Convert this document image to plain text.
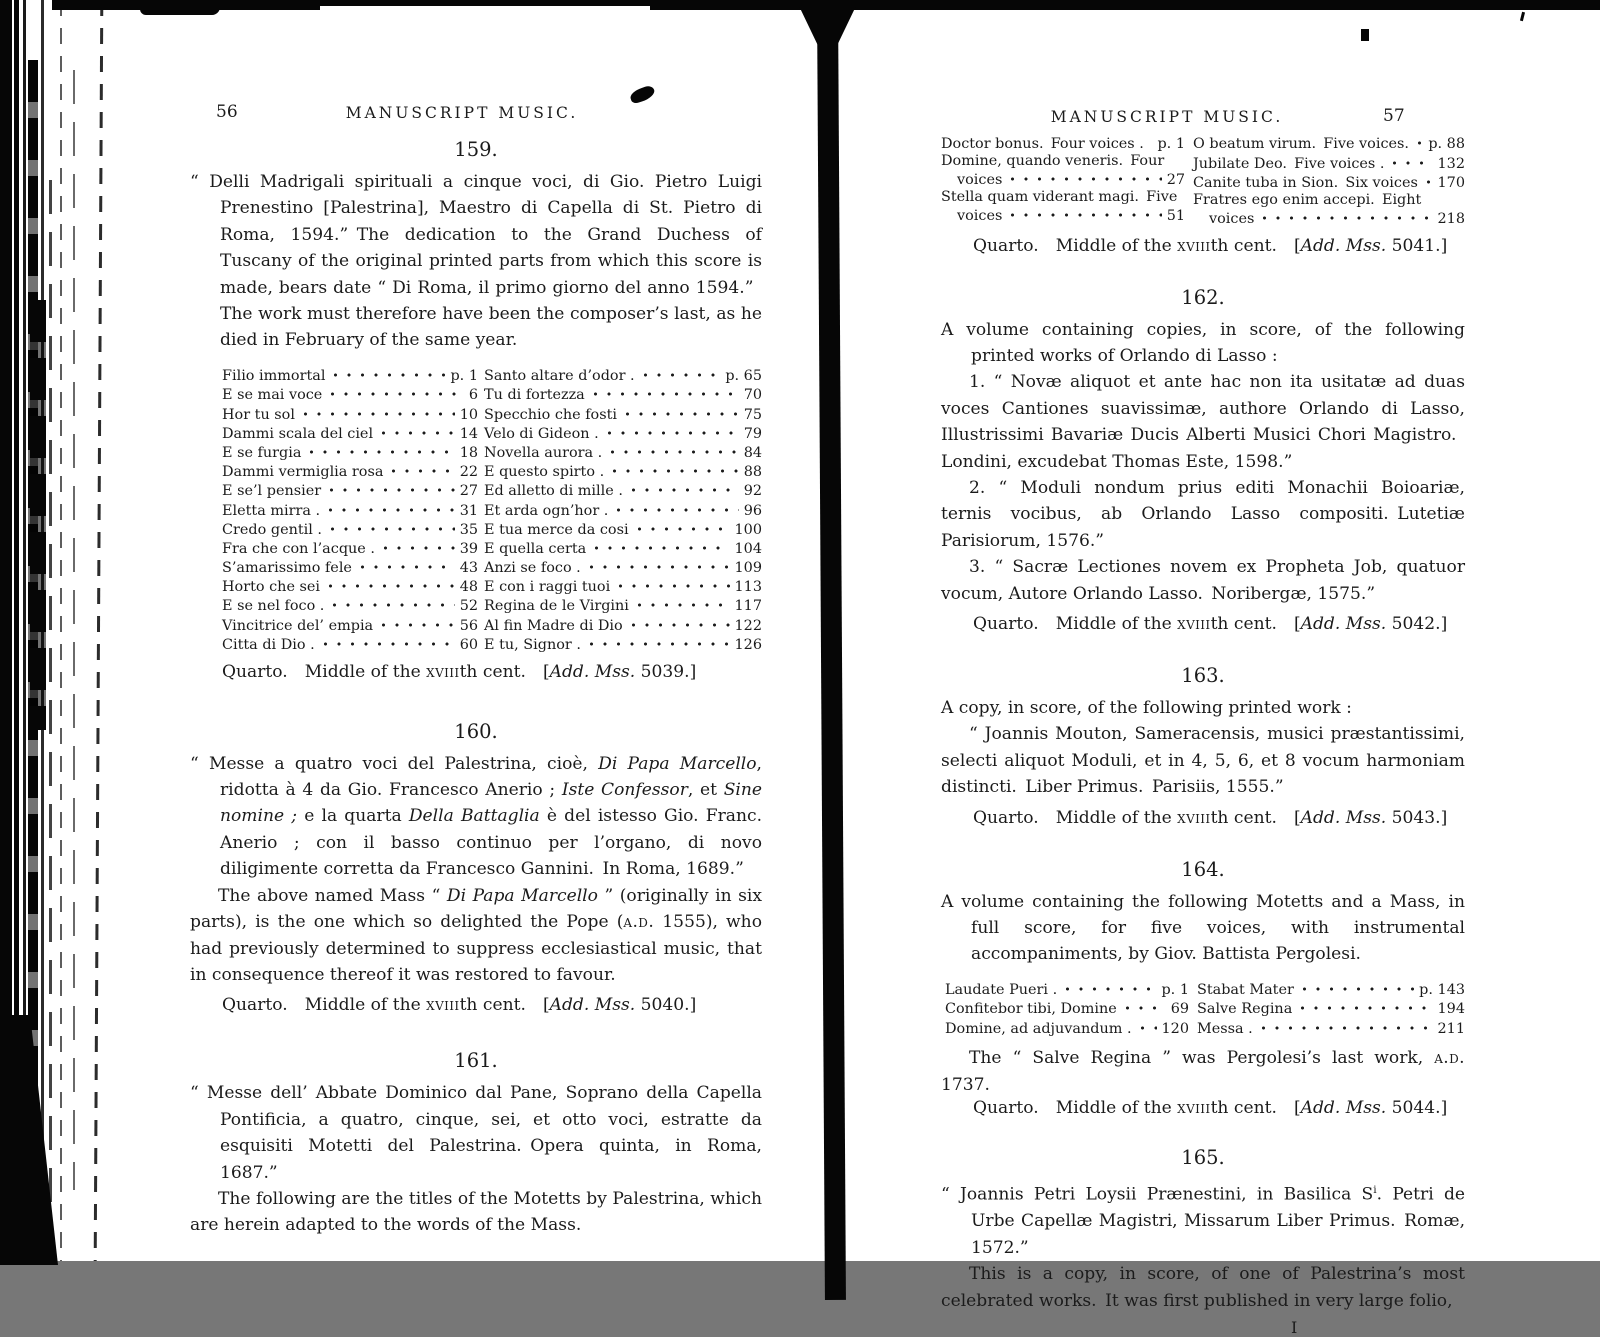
56	MANUSCRIPT MUSIC.
159.

“ Delli Madrigali spirituali a cinque voci, di Gio. Pietro Luigi Prenestino [Palestrina], Maestro di Capella di St. Pietro di Roma, 1594.” The dedication to the Grand Duchess of Tuscany of the original printed parts from which this score is made, bears date “ Di Roma, il primo giorno del anno 1594.” The work must therefore have been the composer’s last, as he died in February of the same year.

Filio immortal	p. 1
E se mai voce	6
Hor tu sol	10
Dammi scala del ciel	14
E se furgia	18
Dammi vermiglia rosa	22
E se’l pensier	27
Eletta mirra .	31
Credo gentil .	35
Fra che con l’acque .	39
S’amarissimo fele	43
Horto che sei	48
E se nel foco .	52
Vincitrice del’ empia	56
Citta di Dio .	60
Santo altare d’odor .	p. 65
Tu di fortezza	70
Specchio che fosti	75
Velo di Gideon .	79
Novella aurora .	84
E questo spirto .	88
Ed alletto di mille .	92
Et arda ogn’hor .	96
E tua merce da cosi	100
E quella certa	104
Anzi se foco .	109
E con i raggi tuoi	113
Regina de le Virgini	117
Al fin Madre di Dio	122
E tu, Signor .	126

Quarto. Middle of the xviiith cent. [Add. Mss. 5039.]

160.

“ Messe a quatro voci del Palestrina, cioè, Di Papa Marcello, ridotta à 4 da Gio. Francesco Anerio ; Iste Confessor, et Sine nomine ; e la quarta Della Battaglia è del istesso Gio. Franc. Anerio ; con il basso continuo per l’organo, di novo diligimente corretta da Francesco Gannini. In Roma, 1689.”

The above named Mass “ Di Papa Marcello ” (originally in six parts), is the one which so delighted the Pope (a.d. 1555), who had previously determined to suppress ecclesiastical music, that in consequence thereof it was restored to favour.

Quarto. Middle of the xviiith cent. [Add. Mss. 5040.]

161.

“ Messe dell’ Abbate Dominico dal Pane, Soprano della Capella Pontificia, a quatro, cinque, sei, et otto voci, estratte da esquisiti Motetti del Palestrina. Opera quinta, in Roma, 1687.”

The following are the titles of the Motetts by Palestrina, which are herein adapted to the words of the Mass.

MANUSCRIPT MUSIC.	57
Doctor bonus. Four voices . p. 1
Domine, quando veneris. Four
voices	27
Stella quam viderant magi. Five
voices	51
O beatum virum. Five voices. p. 88
Jubilate Deo. Five voices .	132
Canite tuba in Sion. Six voices 170
Fratres ego enim accepi. Eight
voices	218

Quarto. Middle of the xviiith cent. [Add. Mss. 5041.]

162.

A volume containing copies, in score, of the following printed works of Orlando di Lasso :

1. “ Novæ aliquot et ante hac non ita usitatæ ad duas voces Cantiones suavissimæ, authore Orlando di Lasso, Illustrissimi Bavariæ Ducis Alberti Musici Chori Magistro. Londini, excudebat Thomas Este, 1598.”

2. “ Moduli nondum prius editi Monachii Boioariæ, ternis vocibus, ab Orlando Lasso compositi. Lutetiæ Parisiorum, 1576.”

3. “ Sacræ Lectiones novem ex Propheta Job, quatuor vocum, Autore Orlando Lasso. Noribergæ, 1575.”

Quarto. Middle of the xviiith cent. [Add. Mss. 5042.]

163.

A copy, in score, of the following printed work :

“ Joannis Mouton, Sameracensis, musici præstantissimi, selecti aliquot Moduli, et in 4, 5, 6, et 8 vocum harmoniam distincti. Liber Primus. Parisiis, 1555.”

Quarto. Middle of the xviiith cent. [Add. Mss. 5043.]

164.

A volume containing the following Motetts and a Mass, in full score, for five voices, with instrumental accompaniments, by Giov. Battista Pergolesi.

Laudate Pueri .	p. 1
Confitebor tibi, Domine	69
Domine, ad adjuvandum . 120
Stabat Mater	p. 143
Salve Regina	194
Messa .	211

The “ Salve Regina ” was Pergolesi’s last work, a.d. 1737.

Quarto. Middle of the xviiith cent. [Add. Mss. 5044.]

165.

“ Joannis Petri Loysii Prænestini, in Basilica $S^i$. Petri de Urbe Capellæ Magistri, Missarum Liber Primus. Romæ, 1572.”

This is a copy, in score, of one of Palestrina’s most celebrated works. It was first published in very large folio,

I
